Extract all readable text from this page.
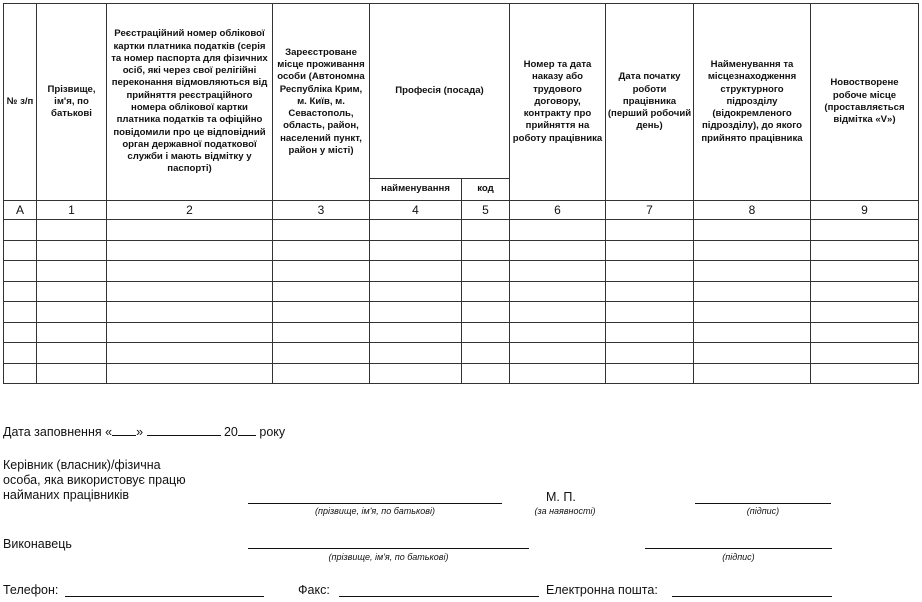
№ з/п	Прізвище, ім'я, по батькові	Реєстраційний номер облікової картки платника податків (серія та номер паспорта для фізичних осіб, які через свої релігійні переконання відмовляються від прийняття реєстраційного номера облікової картки платника податків та офіційно повідомили про це відповідний орган державної податкової служби і мають відмітку у паспорті)	Зареєстроване місце проживання особи (Автономна Республіка Крим, м. Київ, м. Севастополь, область, район, населений пункт, район у місті)	Професія (посада)		Номер та дата наказу або трудового договору, контракту про прийняття на роботу працівника	Дата початку роботи працівника (перший робочий день)	Найменування та місцезнаходження структурного підрозділу (відокремленого підрозділу), до якого прийнято працівника	Новостворене робоче місце (проставляється відмітка «V»)

				найменування	код				

А	1	2	3	4	5	6	7	8	9

Дата заповнення « »	20 року
Керівник (власник)/фізична
особа, яка використовує працю
найманих працівників
(прізвище, ім'я, по батькові)
М. П.
(за наявності)	(підпис)
Виконавець
(прізвище, ім'я, по батькові)	(підпис)
Телефон:	Факс:	Електронна пошта:
